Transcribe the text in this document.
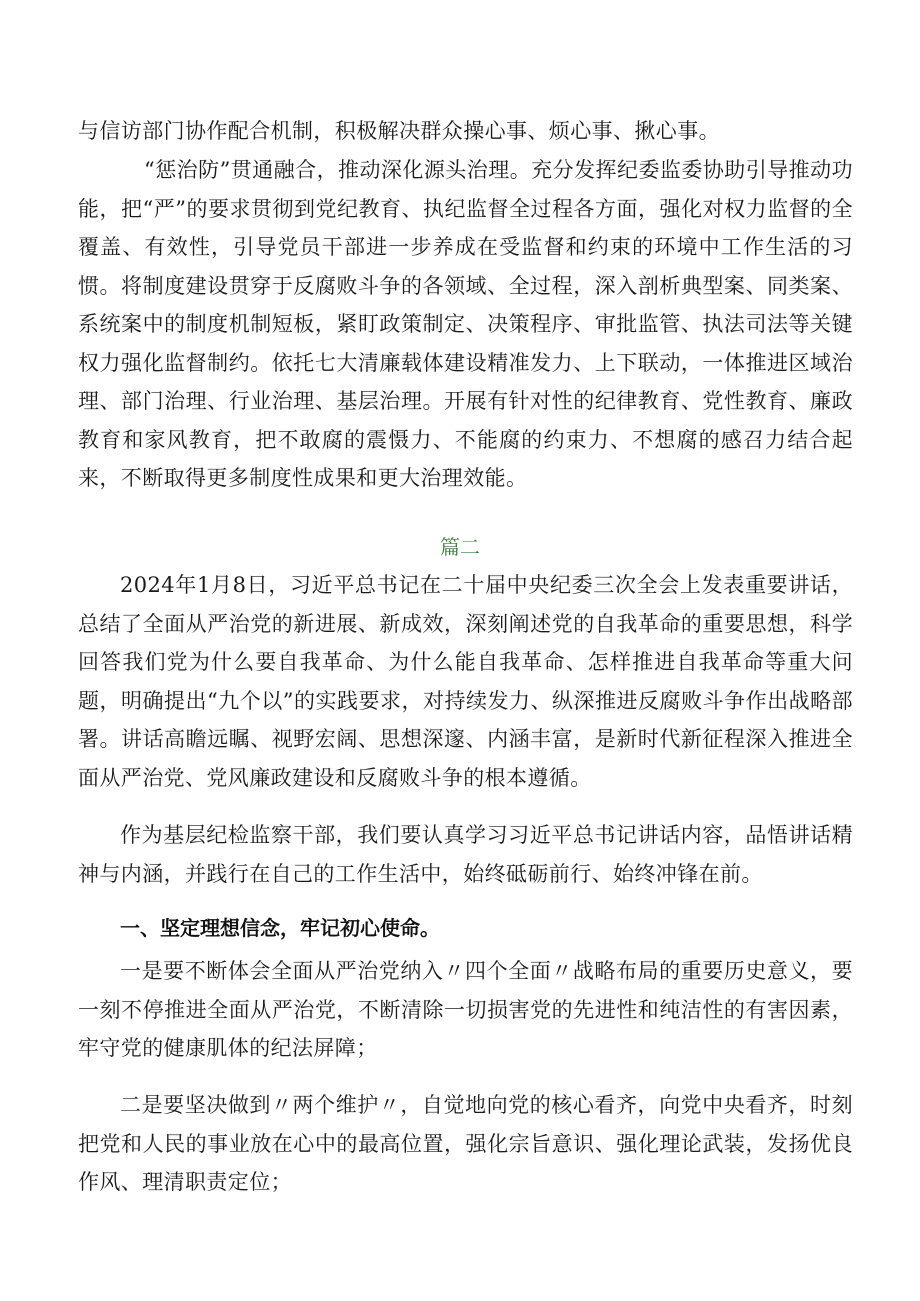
与信访部门协作配合机制，积极解决群众操心事、烦心事、揪心事。

“惩治防”贯通融合，推动深化源头治理。充分发挥纪委监委协助引导推动功能，把“严”的要求贯彻到党纪教育、执纪监督全过程各方面，强化对权力监督的全覆盖、有效性，引导党员干部进一步养成在受监督和约束的环境中工作生活的习惯。将制度建设贯穿于反腐败斗争的各领域、全过程，深入剖析典型案、同类案、系统案中的制度机制短板，紧盯政策制定、决策程序、审批监管、执法司法等关键权力强化监督制约。依托七大清廉载体建设精准发力、上下联动，一体推进区域治理、部门治理、行业治理、基层治理。开展有针对性的纪律教育、党性教育、廉政教育和家风教育，把不敢腐的震慑力、不能腐的约束力、不想腐的感召力结合起来，不断取得更多制度性成果和更大治理效能。

篇二

2024年1月8日，习近平总书记在二十届中央纪委三次全会上发表重要讲话，总结了全面从严治党的新进展、新成效，深刻阐述党的自我革命的重要思想，科学回答我们党为什么要自我革命、为什么能自我革命、怎样推进自我革命等重大问题，明确提出“九个以”的实践要求，对持续发力、纵深推进反腐败斗争作出战略部署。讲话高瞻远瞩、视野宏阔、思想深邃、内涵丰富，是新时代新征程深入推进全面从严治党、党风廉政建设和反腐败斗争的根本遵循。

作为基层纪检监察干部，我们要认真学习习近平总书记讲话内容，品悟讲话精神与内涵，并践行在自己的工作生活中，始终砥砺前行、始终冲锋在前。

一、坚定理想信念，牢记初心使命。

一是要不断体会全面从严治党纳入〃四个全面〃战略布局的重要历史意义，要一刻不停推进全面从严治党，不断清除一切损害党的先进性和纯洁性的有害因素，牢守党的健康肌体的纪法屏障；

二是要坚决做到〃两个维护〃，自觉地向党的核心看齐，向党中央看齐，时刻把党和人民的事业放在心中的最高位置，强化宗旨意识、强化理论武装，发扬优良作风、理清职责定位；
